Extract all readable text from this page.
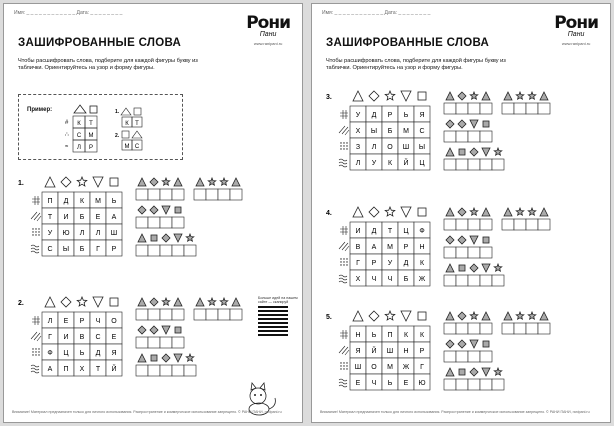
Имя: _ _ _ _ _ _ _ _ _ _ _ _ Дата: _ _ _ _ _ _ _ _	Рони
Пани
www.ranipani.ru
ЗАШИФРОВАННЫЕ СЛОВА
Чтобы расшифровать слова, подберите для каждой фигуры букву из таблички. Ориентируйтесь на узор и форму фигуры.
Пример:
#
∴
≈
К Т
С М
Л Р
1.
К Т
2.
М С
1.
П Д К М Ь
Т И Б Е А
У Ю Л Л Ш
С Ы Б Г Р
2.
Л Е Р Ч О
Г И В С Е
Ф Ц Ь Д Я
А П Х Т Й
Больше идей на нашем сайте — сканируй
Внимание! Материал предназначен только для личного использования. Распространение и коммерческое использование запрещено. © РАНИ ПАНИ, ranipani.ru
Имя: _ _ _ _ _ _ _ _ _ _ _ _ Дата: _ _ _ _ _ _ _ _	Рони
Пани
www.ranipani.ru
ЗАШИФРОВАННЫЕ СЛОВА
Чтобы расшифровать слова, подберите для каждой фигуры букву из таблички. Ориентируйтесь на узор и форму фигуры.
3.
У Д Р Ь Я
Х Ы Б М С
З Л О Ш Ы
Л У К Й Ц
4.
И Д Т Ц Ф
В А М Р Н
Г Р У Д К
Х Ч Ч Б Ж
5.
Н Ь П К К
Я Й Ш Н Р
Ш О М Ж Г
Е Ч Ь Е Ю
Внимание! Материал предназначен только для личного использования. Распространение и коммерческое использование запрещено. © РАНИ ПАНИ, ranipani.ru
